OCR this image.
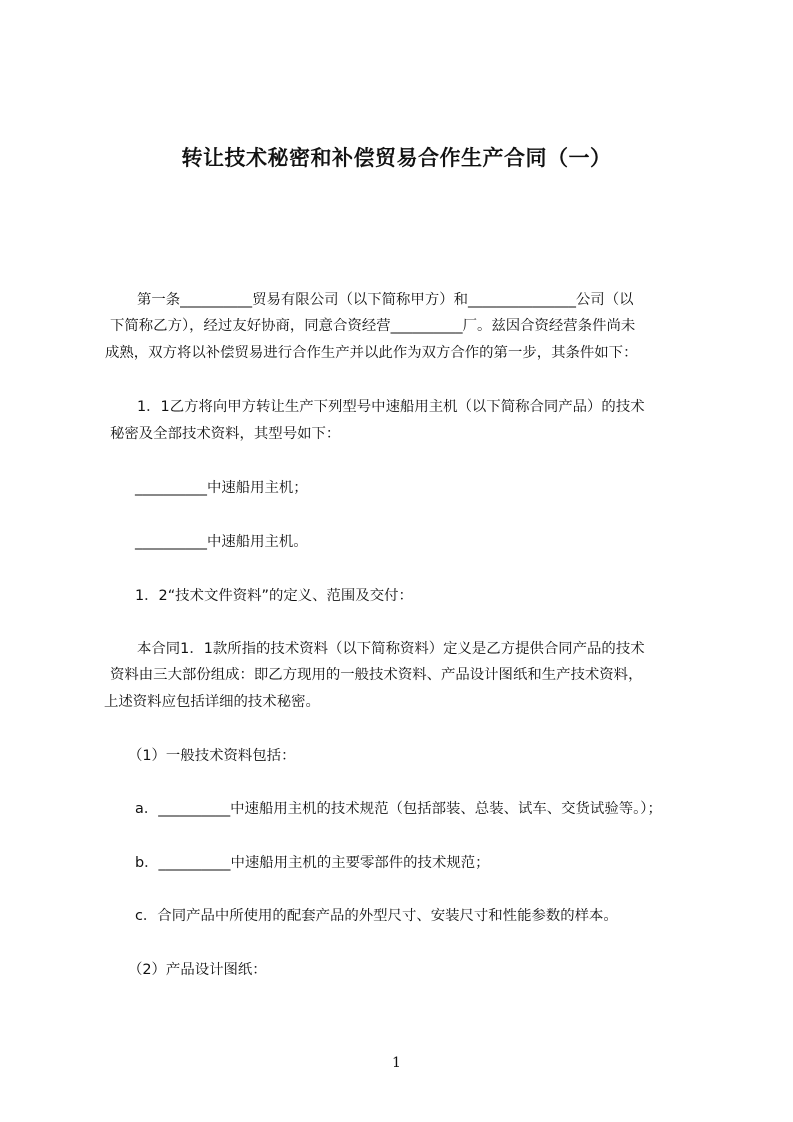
转让技术秘密和补偿贸易合作生产合同（一）
第一条__________贸易有限公司（以下简称甲方）和_______________公司（以
下简称乙方），经过友好协商，同意合资经营__________厂。兹因合资经营条件尚未
成熟，双方将以补偿贸易进行合作生产并以此作为双方合作的第一步，其条件如下：
1．1乙方将向甲方转让生产下列型号中速船用主机（以下简称合同产品）的技术
秘密及全部技术资料，其型号如下：
__________中速船用主机；
__________中速船用主机。
1．2“技术文件资料”的定义、范围及交付：
本合同1．1款所指的技术资料（以下简称资料）定义是乙方提供合同产品的技术
资料由三大部份组成：即乙方现用的一般技术资料、产品设计图纸和生产技术资料，
上述资料应包括详细的技术秘密。
（1）一般技术资料包括：
a．__________中速船用主机的技术规范（包括部装、总装、试车、交货试验等。）；
b．__________中速船用主机的主要零部件的技术规范；
c．合同产品中所使用的配套产品的外型尺寸、安装尺寸和性能参数的样本。
（2）产品设计图纸：
1
